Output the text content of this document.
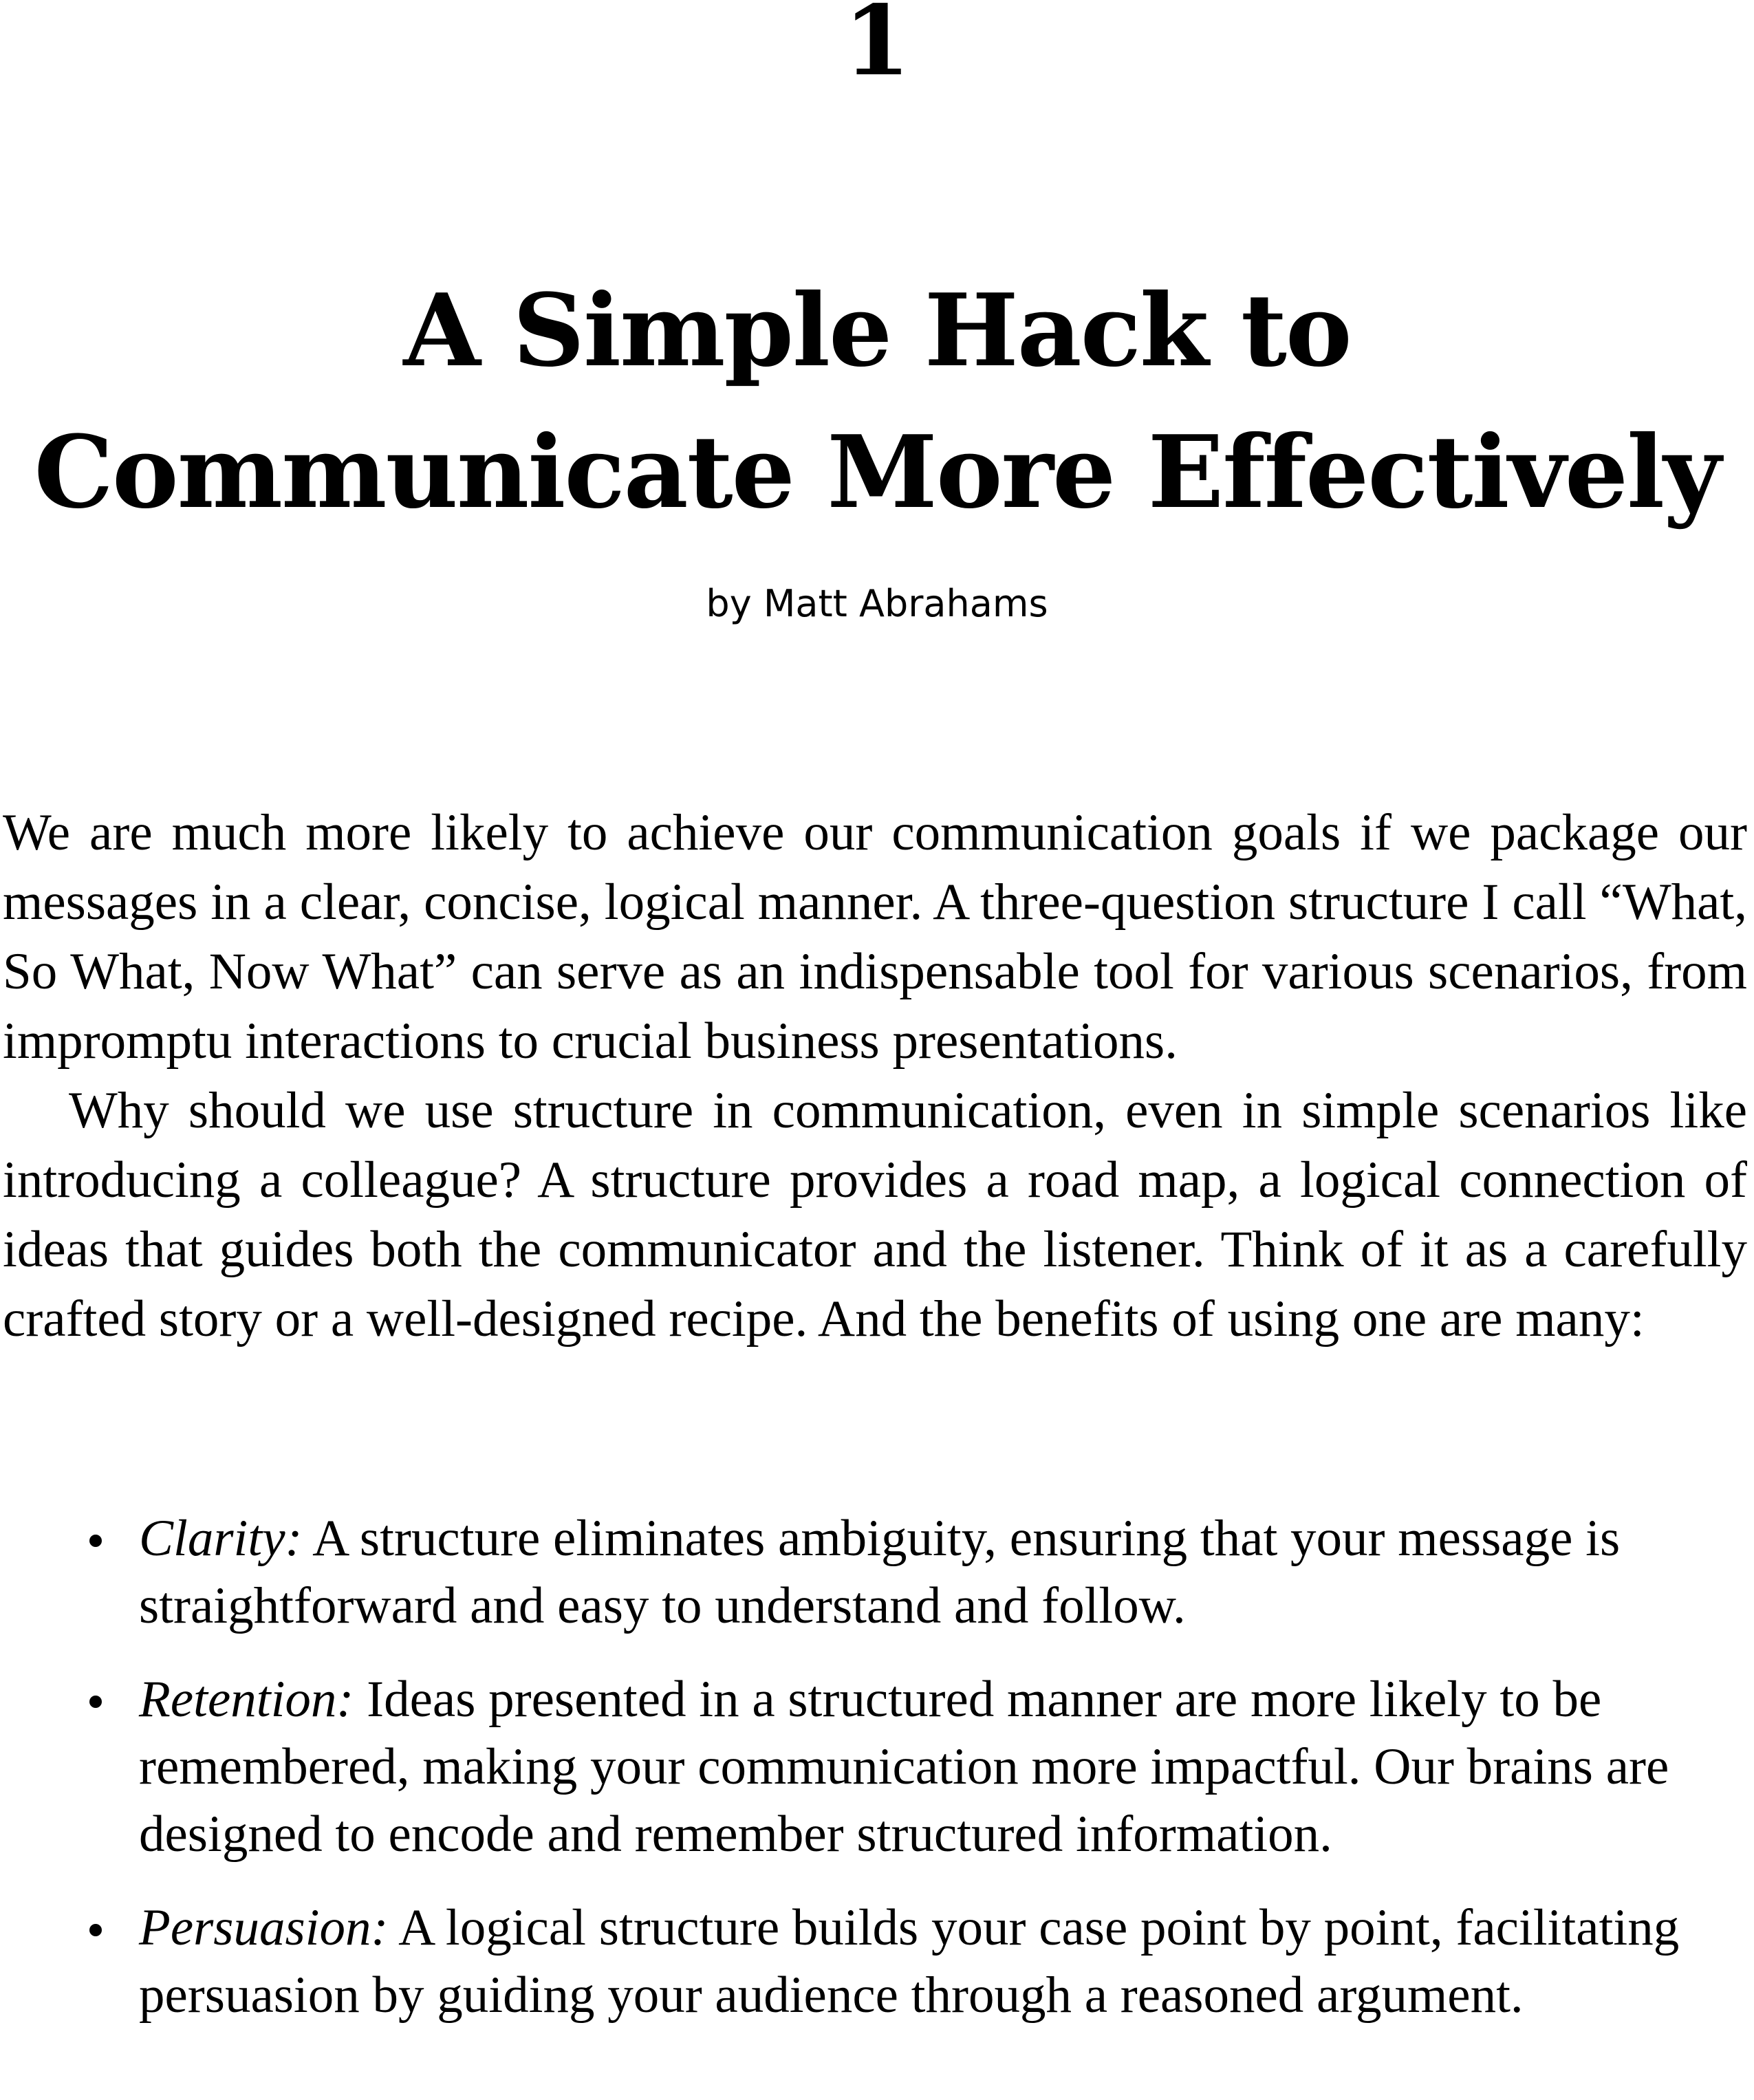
1
A Simple Hack to
Communicate More Effectively
by Matt Abrahams

We are much more likely to achieve our communication goals if we package our messages in a clear, concise, logical manner. A three-question structure I call “What, So What, Now What” can serve as an indispensable tool for various scenarios, from impromptu interactions to crucial business presentations.

Why should we use structure in communication, even in simple scenarios like introducing a colleague? A structure provides a road map, a logical connection of ideas that guides both the communicator and the listener. Think of it as a carefully crafted story or a well-designed recipe. And the benefits of using one are many:

Clarity: A structure eliminates ambiguity, ensuring that your message is straightforward and easy to understand and follow.
Retention: Ideas presented in a structured manner are more likely to be remembered, making your communication more impactful. Our brains are designed to encode and remember structured information.
Persuasion: A logical structure builds your case point by point, facilitating persuasion by guiding your audience through a reasoned argument.
